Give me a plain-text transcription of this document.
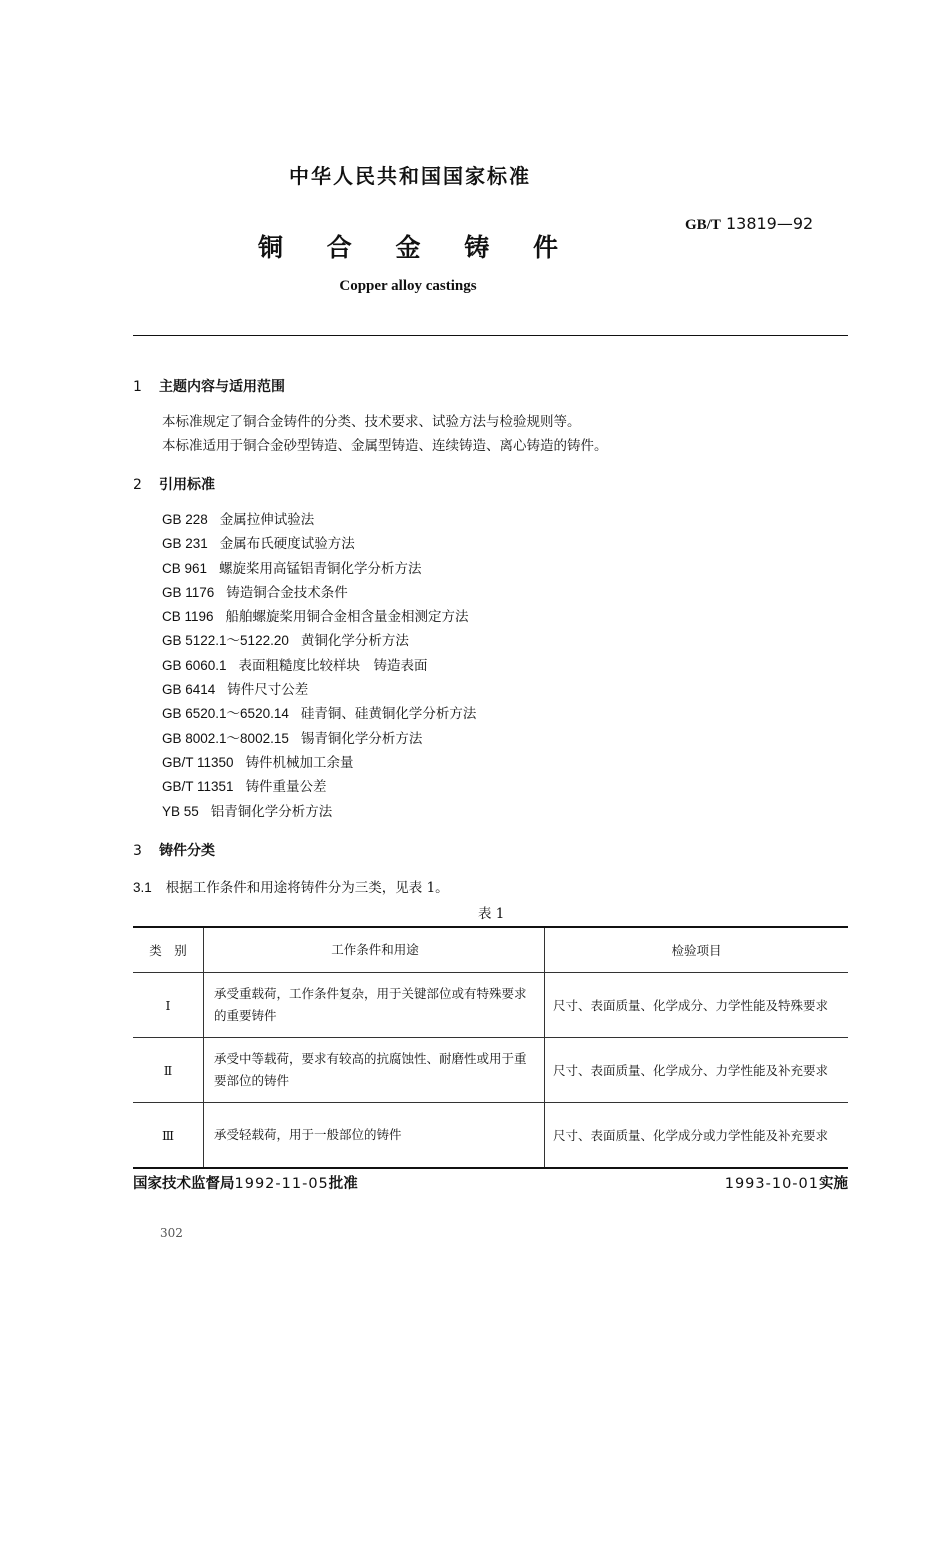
中华人民共和国国家标准
GB/T 13819—92
铜 合 金 铸 件
Copper alloy castings
1 主题内容与适用范围
本标准规定了铜合金铸件的分类、技术要求、试验方法与检验规则等。
本标准适用于铜合金砂型铸造、金属型铸造、连续铸造、离心铸造的铸件。
2 引用标准
GB 228 金属拉伸试验法
GB 231 金属布氏硬度试验方法
CB 961 螺旋桨用高锰铝青铜化学分析方法
GB 1176 铸造铜合金技术条件
CB 1196 船舶螺旋桨用铜合金相含量金相测定方法
GB 5122.1～5122.20 黄铜化学分析方法
GB 6060.1 表面粗糙度比较样块　铸造表面
GB 6414 铸件尺寸公差
GB 6520.1～6520.14 硅青铜、硅黄铜化学分析方法
GB 8002.1～8002.15 锡青铜化学分析方法
GB/T 11350 铸件机械加工余量
GB/T 11351 铸件重量公差
YB 55 铝青铜化学分析方法
3 铸件分类
3.1 根据工作条件和用途将铸件分为三类，见表 1。
表 1
类　别	工作条件和用途	检验项目
Ⅰ	承受重载荷，工作条件复杂，用于关键部位或有特殊要求的重要铸件	尺寸、表面质量、化学成分、力学性能及特殊要求
Ⅱ	承受中等载荷，要求有较高的抗腐蚀性、耐磨性或用于重要部位的铸件	尺寸、表面质量、化学成分、力学性能及补充要求
Ⅲ	承受轻载荷，用于一般部位的铸件	尺寸、表面质量、化学成分或力学性能及补充要求
国家技术监督局1992-11-05批准	1993-10-01实施
302
